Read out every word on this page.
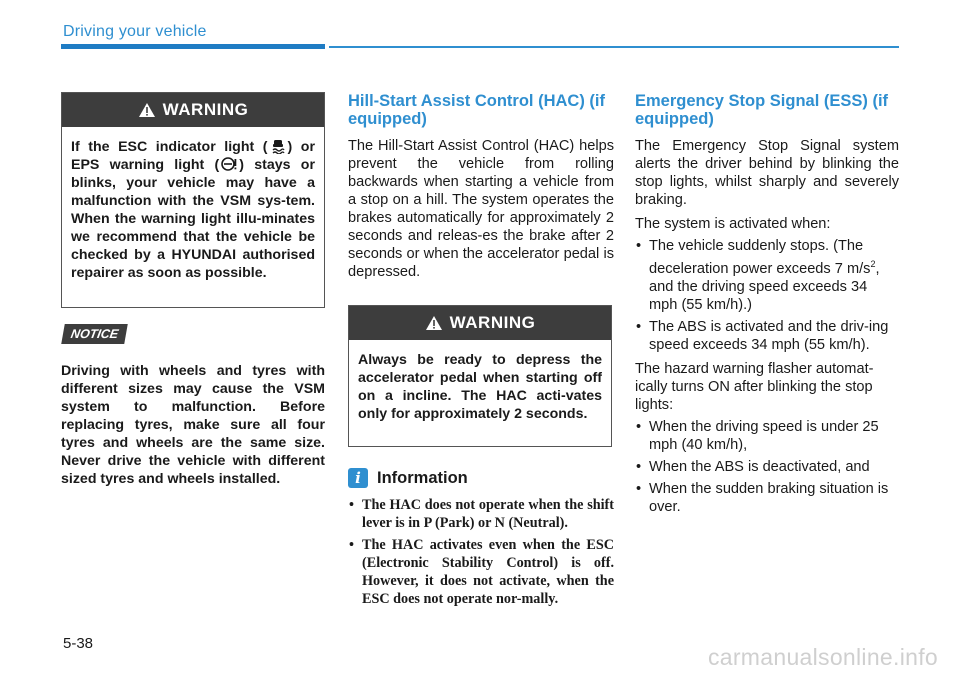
Driving your vehicle
WARNING
If the ESC indicator light ( ) or EPS warning light ( ) stays or blinks, your vehicle may have a malfunction with the VSM sys-tem. When the warning light illu-minates we recommend that the vehicle be checked by a HYUNDAI authorised repairer as soon as possible.
NOTICE
Driving with wheels and tyres with different sizes may cause the VSM system to malfunction. Before replacing tyres, make sure all four tyres and wheels are the same size. Never drive the vehicle with different sized tyres and wheels installed.
Hill-Start Assist Control (HAC) (if equipped)

The Hill-Start Assist Control (HAC) helps prevent the vehicle from rolling backwards when starting a vehicle from a stop on a hill. The system operates the brakes automatically for approximately 2 seconds and releas-es the brake after 2 seconds or when the accelerator pedal is depressed.

WARNING
Always be ready to depress the accelerator pedal when starting off on a incline. The HAC acti-vates only for approximately 2 seconds.
i Information
• The HAC does not operate when the shift lever is in P (Park) or N (Neutral).
• The HAC activates even when the ESC (Electronic Stability Control) is off. However, it does not activate, when the ESC does not operate nor-mally.
Emergency Stop Signal (ESS) (if equipped)

The Emergency Stop Signal system alerts the driver behind by blinking the stop lights, whilst sharply and severely braking.

The system is activated when:

• The vehicle suddenly stops. (The deceleration power exceeds 7 $m/s^2$, and the driving speed exceeds 34 mph (55 km/h).)
• The ABS is activated and the driv-ing speed exceeds 34 mph (55 km/h).

The hazard warning flasher automat-ically turns ON after blinking the stop lights:

• When the driving speed is under 25 mph (40 km/h),
• When the ABS is deactivated, and
• When the sudden braking situation is over.
5-38
carmanualsonline.info
